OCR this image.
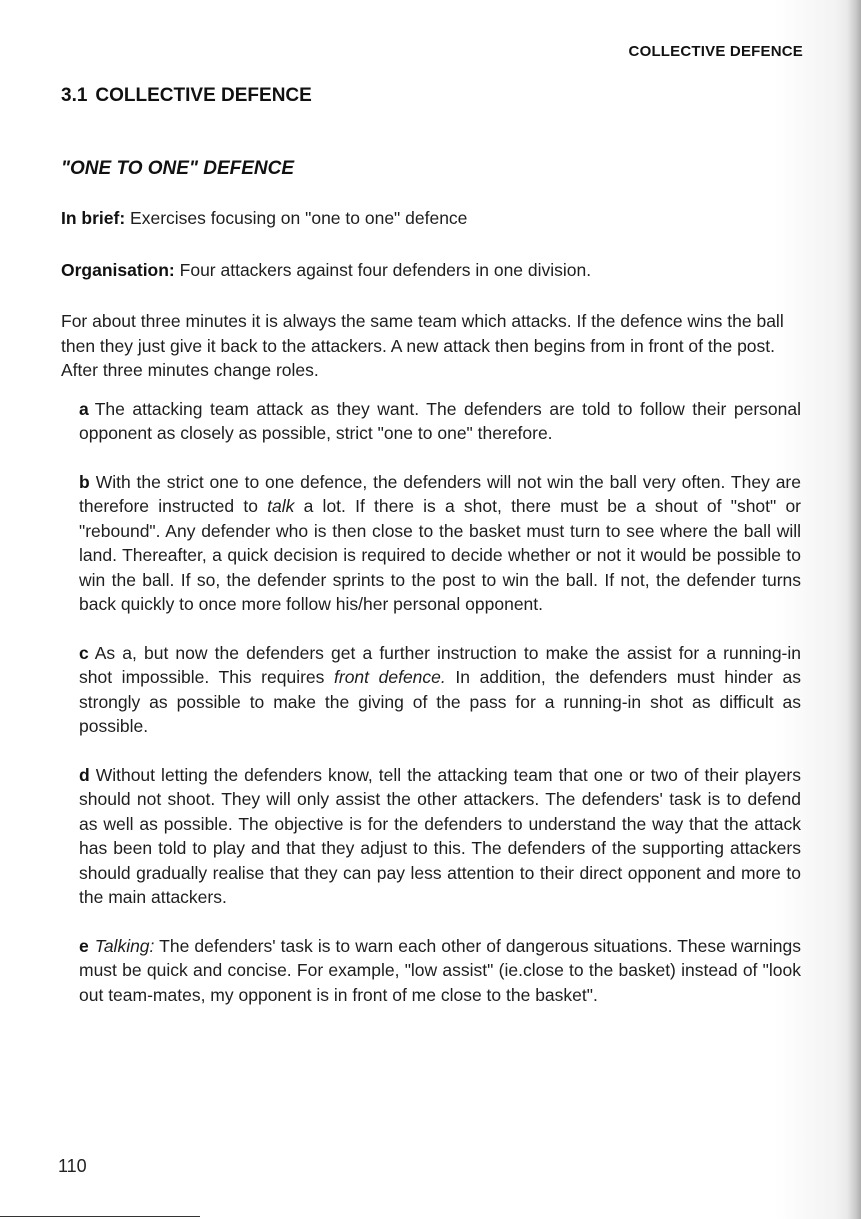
COLLECTIVE DEFENCE
3.1 COLLECTIVE DEFENCE
"ONE TO ONE" DEFENCE

In brief: Exercises focusing on "one to one" defence

Organisation: Four attackers against four defenders in one division.

For about three minutes it is always the same team which attacks. If the defence wins the ball then they just give it back to the attackers. A new attack then begins from in front of the post. After three minutes change roles.

a The attacking team attack as they want. The defenders are told to follow their personal opponent as closely as possible, strict "one to one" therefore.

b With the strict one to one defence, the defenders will not win the ball very often. They are therefore instructed to talk a lot. If there is a shot, there must be a shout of "shot" or "rebound". Any defender who is then close to the basket must turn to see where the ball will land. Thereafter, a quick decision is required to decide whether or not it would be possible to win the ball. If so, the defender sprints to the post to win the ball. If not, the defender turns back quickly to once more follow his/her personal opponent.

c As a, but now the defenders get a further instruction to make the assist for a running-in shot impossible. This requires front defence. In addition, the defenders must hinder as strongly as possible to make the giving of the pass for a running-in shot as difficult as possible.

d Without letting the defenders know, tell the attacking team that one or two of their players should not shoot. They will only assist the other attackers. The defenders' task is to defend as well as possible. The objective is for the defenders to understand the way that the attack has been told to play and that they adjust to this. The defenders of the supporting attackers should gradually realise that they can pay less attention to their direct opponent and more to the main attackers.

e Talking: The defenders' task is to warn each other of dangerous situations. These warnings must be quick and concise. For example, "low assist" (ie.close to the basket) instead of "look out team-mates, my opponent is in front of me close to the basket".

110
